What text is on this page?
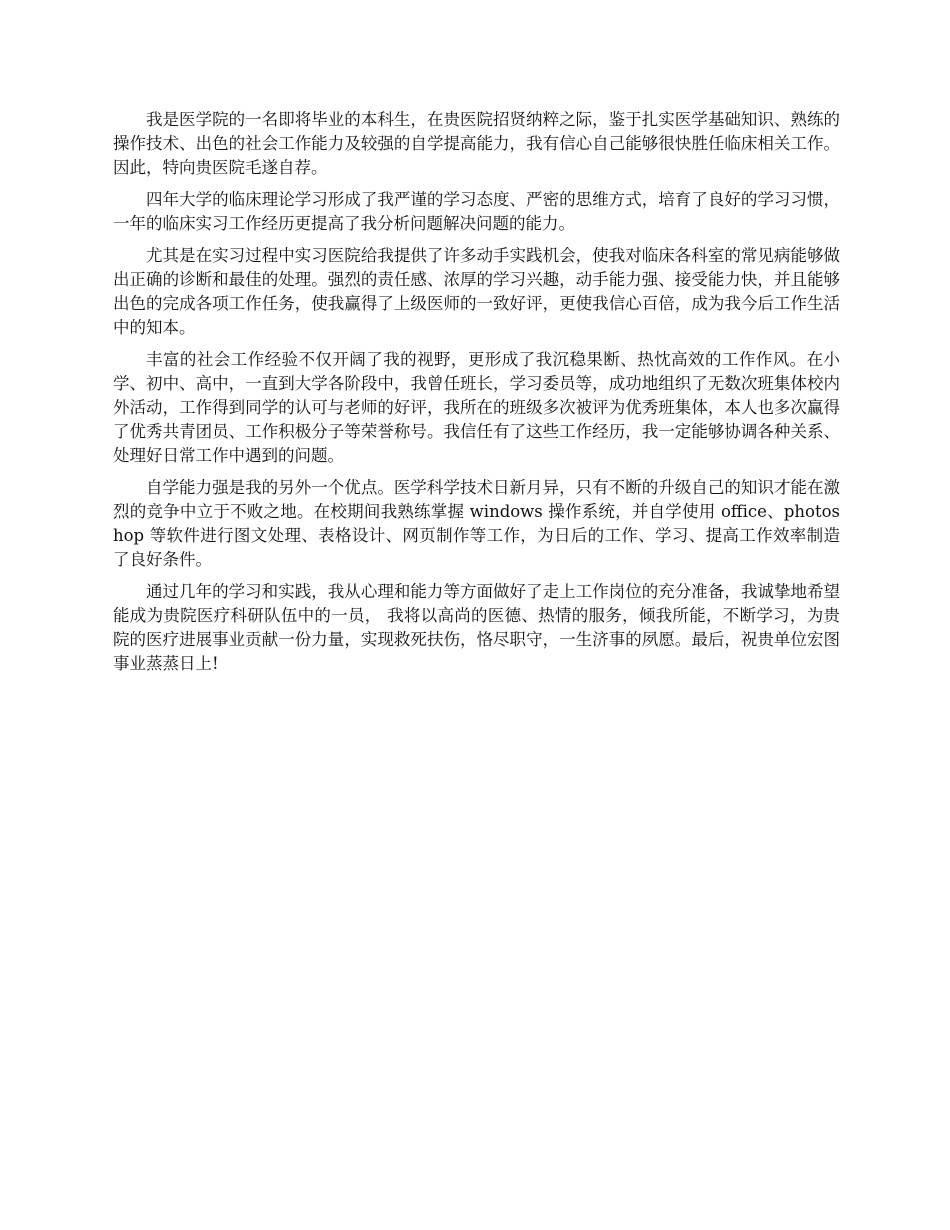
我是医学院的一名即将毕业的本科生，在贵医院招贤纳粹之际，鉴于扎实医学基础知识、熟练的操作技术、出色的社会工作能力及较强的自学提高能力，我有信心自己能够很快胜任临床相关工作。因此，特向贵医院毛遂自荐。

四年大学的临床理论学习形成了我严谨的学习态度、严密的思维方式，培育了良好的学习习惯，一年的临床实习工作经历更提高了我分析问题解决问题的能力。

尤其是在实习过程中实习医院给我提供了许多动手实践机会，使我对临床各科室的常见病能够做出正确的诊断和最佳的处理。强烈的责任感、浓厚的学习兴趣，动手能力强、接受能力快，并且能够出色的完成各项工作任务，使我赢得了上级医师的一致好评，更使我信心百倍，成为我今后工作生活中的知本。

丰富的社会工作经验不仅开阔了我的视野，更形成了我沉稳果断、热忱高效的工作作风。在小学、初中、高中，一直到大学各阶段中，我曾任班长，学习委员等，成功地组织了无数次班集体校内外活动，工作得到同学的认可与老师的好评，我所在的班级多次被评为优秀班集体，本人也多次赢得了优秀共青团员、工作积极分子等荣誉称号。我信任有了这些工作经历，我一定能够协调各种关系、处理好日常工作中遇到的问题。

自学能力强是我的另外一个优点。医学科学技术日新月异，只有不断的升级自己的知识才能在激烈的竞争中立于不败之地。在校期间我熟练掌握 windows 操作系统，并自学使用 office、photoshop 等软件进行图文处理、表格设计、网页制作等工作，为日后的工作、学习、提高工作效率制造了良好条件。

通过几年的学习和实践，我从心理和能力等方面做好了走上工作岗位的充分准备，我诚挚地希望能成为贵院医疗科研队伍中的一员， 我将以高尚的医德、热情的服务，倾我所能，不断学习，为贵院的医疗进展事业贡献一份力量，实现救死扶伤，恪尽职守，一生济事的夙愿。最后，祝贵单位宏图事业蒸蒸日上!
